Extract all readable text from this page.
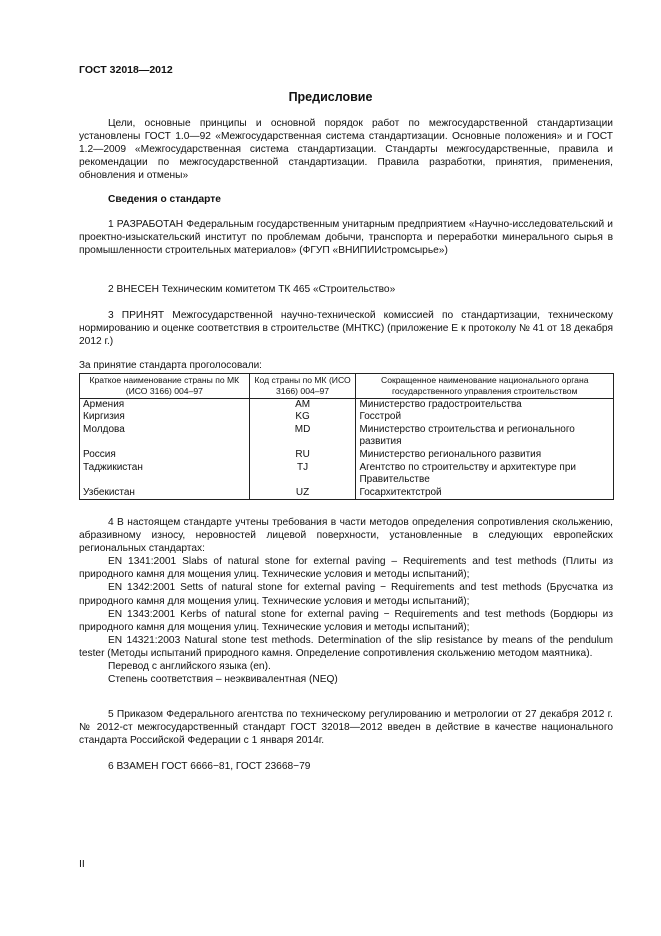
ГОСТ 32018—2012
Предисловие

Цели, основные принципы и основной порядок работ по межгосударственной стандартизации установлены ГОСТ 1.0—92 «Межгосударственная система стандартизации. Основные положения» и и ГОСТ 1.2—2009 «Межгосударственная система стандартизации. Стандарты межгосударственные, правила и рекомендации по межгосударственной стандартизации. Правила разработки, принятия, применения, обновления и отмены»

Сведения о стандарте

1 РАЗРАБОТАН Федеральным государственным унитарным предприятием «Научно-исследовательский и проектно-изыскательский институт по проблемам добычи, транспорта и переработки минерального сырья в промышленности строительных материалов» (ФГУП «ВНИПИИстромсырье»)

2 ВНЕСЕН Техническим комитетом ТК 465 «Строительство»

3 ПРИНЯТ Межгосударственной научно-технической комиссией по стандартизации, техническому нормированию и оценке соответствия в строительстве (МНТКС) (приложение Е к протоколу № 41 от 18 декабря 2012 г.)

За принятие стандарта проголосовали:
Краткое наименование страны по МК (ИСО 3166) 004–97	Код страны по МК (ИСО 3166) 004–97	Сокращенное наименование национального органа государственного управления строительством
Армения	AM	Министерство градостроительства
Киргизия	KG	Госстрой
Молдова	MD	Министерство строительства и регионального развития
Россия	RU	Министерство регионального развития
Таджикистан	TJ	Агентство по строительству и архитектуре при Правительстве
Узбекистан	UZ	Госархитектстрой

4 В настоящем стандарте учтены требования в части методов определения сопротивления скольжению, абразивному износу, неровностей лицевой поверхности, установленные в следующих европейских региональных стандартах:

EN 1341:2001 Slabs of natural stone for external paving – Requirements and test methods (Плиты из природного камня для мощения улиц. Технические условия и методы испытаний);

EN 1342:2001 Setts of natural stone for external paving − Requirements and test methods (Брусчатка из природного камня для мощения улиц. Технические условия и методы испытаний);

EN 1343:2001 Kerbs of natural stone for external paving − Requirements and test methods (Бордюры из природного камня для мощения улиц. Технические условия и методы испытаний);

EN 14321:2003 Natural stone test methods. Determination of the slip resistance by means of the pendulum tester (Методы испытаний природного камня. Определение сопротивления скольжению методом маятника).

Перевод с английского языка (en).

Степень соответствия – неэквивалентная (NEQ)

5 Приказом Федерального агентства по техническому регулированию и метрологии от 27 декабря 2012 г. № 2012-ст межгосударственный стандарт ГОСТ 32018—2012 введен в действие в качестве национального стандарта Российской Федерации с 1 января 2014г.

6 ВЗАМЕН ГОСТ 6666−81, ГОСТ 23668−79

II
